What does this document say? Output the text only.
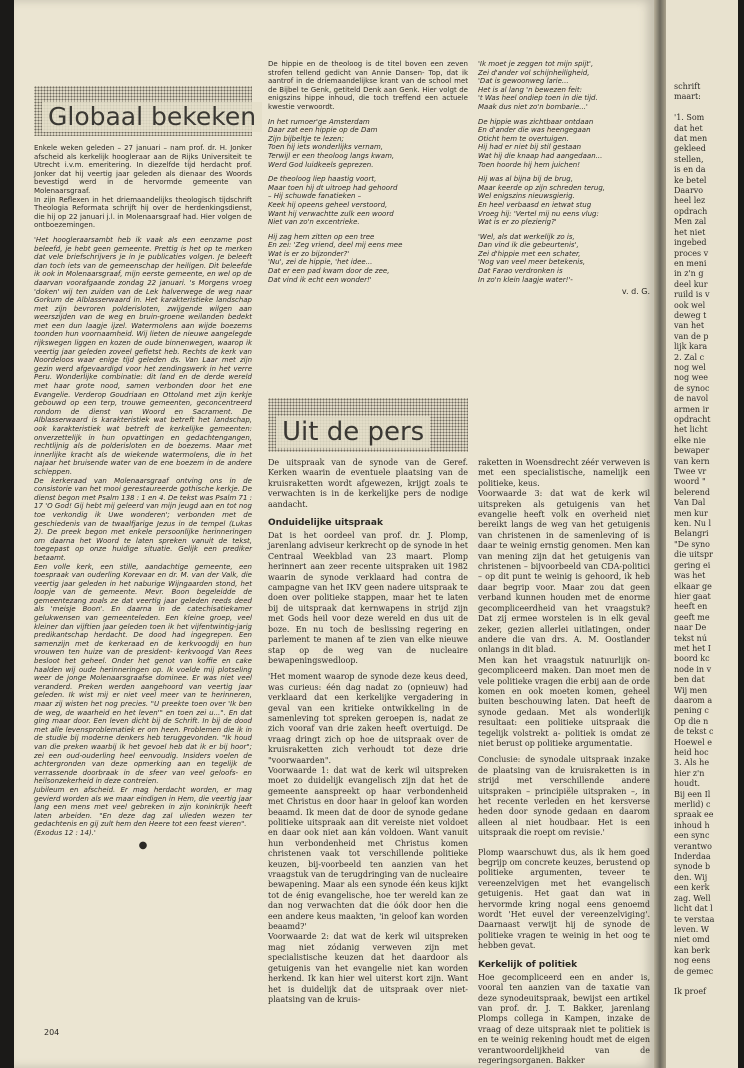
Globaal bekeken

Enkele weken geleden – 27 januari – nam prof. dr. H. Jonker afscheid als kerkelijk hoogleraar aan de Rijks Universiteit te Utrecht i.v.m. emeritering. In diezelfde tijd herdacht prof. Jonker dat hij veertig jaar geleden als dienaar des Woords bevestigd werd in de hervormde gemeente van Molenaarsgraaf.

In zijn Reflexen in het driemaandelijks theologisch tijdschrift Theologia Reformata schrijft hij over de herdenkingsdienst, die hij op 22 januari j.l. in Molenaarsgraaf had. Hier volgen de ontboezemingen.

'Het hoogleraarsambt heb ik vaak als een eenzame post beleefd, je hebt geen gemeente. Prettig is het op te merken dat vele briefschrijvers je in je publicaties volgen. Je beleeft dan toch iets van de gemeenschap der heiligen. Dit beleefde ik ook in Molenaarsgraaf, mijn eerste gemeente, en wel op de daarvan voorafgaande zondag 22 januari. 's Morgens vroeg 'doken' wij ten zuiden van de Lek halverwege de weg naar Gorkum de Alblasserwaard in. Het karakteristieke landschap met zijn bevroren polderisloten, zwijgende wilgen aan weerszijden van de weg en bruin-groene weilanden bedekt met een dun laagje ijzel. Watermolens aan wijde boezems toonden hun voornaamheid. Wij lieten de nieuwe aangelegde rijkswegen liggen en kozen de oude binnenwegen, waarop ik veertig jaar geleden zoveel gefietst heb. Rechts de kerk van Noordeloos waar enige tijd geleden ds. Van Laar met zijn gezin werd afgevaardigd voor het zendingswerk in het verre Peru. Wonderlijke combinatie: dit land en de derde wereld met haar grote nood, samen verbonden door het ene Evangelie. Verderop Goudriaan en Ottoland met zijn kerkje gebouwd op een terp, trouwe gemeenten, geconcentreerd rondom de dienst van Woord en Sacrament. De Alblasserwaard is karakteristiek wat betreft het landschap, ook karakteristiek wat betreft de kerkelijke gemeenten: onverzettelijk in hun opvattingen en gedachtengangen, rechtlijnig als de polderisloten en de boezems. Maar met innerlijke kracht als de wiekende watermolens, die in het najaar het bruisende water van de ene boezem in de andere schieppen.

De kerkeraad van Molenaarsgraaf ontving ons in de consistorie van het mooi gerestaureerde gothische kerkje. De dienst begon met Psalm 138 : 1 en 4. De tekst was Psalm 71 : 17 'O God! Gij hebt mij geleerd van mijn jeugd aan en tot nog toe verkondig ik Uwe wonderen'; verbonden met de geschiedenis van de twaalfjarige Jezus in de tempel (Lukas 2). De preek begon met enkele persoonlijke herinneringen om daarna het Woord te laten spreken vanuit de tekst, toegepast op onze huidige situatie. Gelijk een prediker betaamt.

Een volle kerk, een stille, aandachtige gemeente, een toespraak van ouderling Korevaar en dr. M. van der Valk, die veertig jaar geleden in het naburige Wijngaarden stond, het loopje van de gemeente. Mevr. Boon begeleidde de gemeentezang zoals ze dat veertig jaar geleden reeds deed als 'meisje Boon'. En daarna in de catechisatiekamer gelukwensen van gemeenteleden. Een kleine groep, veel kleiner dan vijftien jaar geleden toen ik het vijfentwintig-jarig predikantschap herdacht. De dood had ingegrepen. Een samenzijn met de kerkeraad en de kerkvoogdij en hun vrouwen ten huize van de president- kerkvoogd Van Rees besloot het geheel. Onder het genot van koffie en cake haalden wij oude herinneringen op. Ik voelde mij plotseling weer de jonge Molenaarsgraafse dominee. Er was niet veel veranderd. Preken werden aangehoord van veertig jaar geleden. Ik wist mij er niet veel meer van te herinneren, maar zij wisten het nog precies. "U preekte toen over 'Ik ben de weg, de waarheid en het leven'" en toen zei u...". En dat ging maar door. Een leven dicht bij de Schrift. In bij de dood met alle levensproblematiek er om heen. Problemen die ik in de studie bij moderne denkers heb teruggevonden. "Ik houd van die preken waarbij ik het gevoel heb dat ik er bij hoor"; zei een oud-ouderling heel eenvoudig. Insiders voelen de achtergronden van deze opmerking aan en tegelijk de verrassende doorbraak in de sfeer van veel geloofs- en heilsonzekerheid in deze contreien.

Jubileum en afscheid. Er mag herdacht worden, er mag gevierd worden als we maar eindigen in Hem, die veertig jaar lang een mens met veel gebreken in zijn koninkrijk heeft laten arbeiden. "En deze dag zal ulieden wezen ter gedachtenis en gij zult hem den Heere tot een feest vieren".

(Exodus 12 : 14).'

●

De hippie en de theoloog is de titel boven een zeven strofen tellend gedicht van Annie Dansen- Top, dat ik aantrof in de driemaandelijkse krant van de school met de Bijbel te Genk, getiteld Denk aan Genk. Hier volgt de enigszins hippe inhoud, die toch treffend een actuele kwestie verwoordt.

In het rumoer'ge Amsterdam
Daar zat een hippie op de Dam
Zijn bijbeltje te lezen;
Toen hij iets wonderlijks vernam,
Terwijl er een theoloog langs kwam,
Werd God luidkeels geprezen.
De theoloog liep haastig voort,
Maar toen hij dt uitroep had gehoord
– Hij schuwde fanatieken –
Keek hij opeens geheel verstoord,
Want hij verwachtte zulk een woord
Niet van zo'n excentrieke.
Hij zag hem zitten op een tree
En zei: 'Zeg vriend, deel mij eens mee
Wat is er zo bijzonder?'
'Nu', zei de hippie, 'het idee...
Dat er een pad kwam door de zee,
Dat vind ik echt een wonder!'
'Ik moet je zeggen tot mijn spijt',
Zei d'ander vol schijnheiligheid,
'Dat is gewoonweg larie...
Het is al lang 'n bewezen feit:
't Was heel ondiep toen in die tijd.
Maak dus niet zo'n bombarie...'
De hippie was zichtbaar ontdaan
En d'ander die was heengegaan
Oticht hem te overtuigen.
Hij had er niet bij stil gestaan
Wat hij die knaap had aangedaan...
Toen hoorde hij hem juichen!
Hij was al bijna bij de brug,
Maar keerde op zijn schreden terug,
Wel enigszins nieuwsgierig.
En heel verbaasd en ietwat stug
Vroeg hij: 'Vertel mij nu eens vlug:
Wat is er zo plezierig?'
'Wel, als dat werkelijk zo is,
Dan vind ik die gebeurtenis',
Zei d'hippie met een schater,
'Nog van veel meer betekenis,
Dat Farao verdronken is
In zo'n klein laagje water!'-
v. d. G.
Uit de pers

De uitspraak van de synode van de Geref. Kerken waarin de eventuele plaatsing van de kruisraketten wordt afgewezen, krijgt zoals te verwachten is in de kerkelijke pers de nodige aandacht.

Onduidelijke uitspraak

Dat is het oordeel van prof. dr. J. Plomp, jarenlang adviseur kerkrecht op de synode in het Centraal Weekblad van 23 maart. Plomp herinnert aan zeer recente uitspraken uit 1982 waarin de synode verklaard had contra de campagne van het IKV geen nadere uitspraak te doen over politieke stappen, maar het te laten bij de uitspraak dat kernwapens in strijd zijn met Gods heil voor deze wereld en dus uit de boze. En nu toch de beslissing regering en parlement te manen af te zien van elke nieuwe stap op de weg van de nucleaire bewapeningswedloop.

'Het moment waarop de synode deze keus deed, was curieus: één dag nadat zo (opnieuw) had verklaard dat een kerkelijke vergadering in geval van een kritieke ontwikkeling in de samenleving tot spreken geroepen is, nadat ze zich vooraf van drie zaken heeft overtuigd. De vraag dringt zich op hoe de uitspraak over de kruisraketten zich verhoudt tot deze drie "voorwaarden".

Voorwaarde 1: dat wat de kerk wil uitspreken moet zo duidelijk evangelisch zijn dat het de gemeente aanspreekt op haar verbondenheid met Christus en door haar in geloof kan worden beaamd. Ik meen dat de door de synode gedane politieke uitspraak aan dit vereiste niet voldoet en daar ook niet aan kán voldoen. Want vanuit hun verbondenheid met Christus komen christenen vaak tot verschillende politieke keuzen, bij-voorbeeld ten aanzien van het vraagstuk van de terugdringing van de nucleaire bewapening. Maar als een synode één keus kijkt tot de énig evangelische, hoe ter wereld kan ze dan nog verwachten dat die óók door hen die een andere keus maakten, 'in geloof kan worden beaamd?'

Voorwaarde 2: dat wat de kerk wil uitspreken mag niet zódanig verweven zijn met specialistische keuzen dat het daardoor als getuigenis van het evangelie niet kan worden herkend. Ik kan hier wel uiterst kort zijn. Want het is duidelijk dat de uitspraak over niet-plaatsing van de kruis-

raketten in Woensdrecht zéér verweven is met een specialistische, namelijk een politieke, keus.

Voorwaarde 3: dat wat de kerk wil uitspreken als getuigenis van het evangelie heeft volk en overheid niet bereikt langs de weg van het getuigenis van christenen in de samenleving of is daar te weinig ernstig genomen. Men kan van mening zijn dat het getuigenis van christenen – bijvoorbeeld van CDA-politici – op dit punt te weinig is gehoord, ik heb daar begrip voor. Maar zou dat geen verband kunnen houden met de enorme gecompliceerdheid van het vraagstuk? Dat zij ermee worstelen is in elk geval zeker, gezien allerlei uitlatingen, onder andere die van drs. A. M. Oostlander onlangs in dit blad.

Men kan het vraagstuk natuurlijk on-gecompliceerd maken. Dan moet men de vele politieke vragen die erbij aan de orde komen en ook moeten komen, geheel buiten beschouwing laten. Dat heeft de synode gedaan. Met als wonderlijk resultaat: een politieke uitspraak die tegelijk volstrekt a- politiek is omdat ze niet berust op politieke argumentatie.

Conclusie: de synodale uitspraak inzake de plaatsing van de kruisraketten is in strijd met verschillende andere uitspraken – principiële uitspraken –, in het recente verleden en het kersverse heden door synode gedaan en daarom alleen al niet houdbaar. Het is een uitspraak die roept om revisie.'

Plomp waarschuwt dus, als ik hem goed begrijp om concrete keuzes, berustend op politieke argumenten, teveer te vereenzelvigen met het evangelisch getuigenis. Het gaat dan wat in hervormde kring nogal eens genoemd wordt 'Het euvel der vereenzelviging'. Daarnaast verwijt hij de synode de politieke vragen te weinig in het oog te hebben gevat.

Kerkelijk of politiek

Hoe gecompliceerd een en ander is, vooral ten aanzien van de taxatie van deze synodeuitspraak, bewijst een artikel van prof. dr. J. T. Bakker, jarenlang Plomps collega in Kampen, inzake de vraag of deze uitspraak niet te politiek is en te weinig rekening houdt met de eigen verantwoordelijkheid van de regeringsorganen. Bakker

204
schrift
maart:

'1. Som
dat het
dat men
gekleed
stellen,
is en da
ke betel
Daarvo
heel lez
opdrach
Men zal
het niet
ingebed
proces v
en meni
in z'n g
deel kur
ruild is v
ook wel
deweg t
van het
van de p
lijk kara
2. Zal c
nog wel
nog wee
de synoc
de navol
armen ir
opdracht
het licht
elke nie
bewaper
van kern
Twee vr
woord "
belerend
Van Dal
men kur
ken. Nu l
Belangri
"De syno
die uitspr
gering ei
was het
elkaar ge
hier gaat
heeft en
geeft me
naar De
tekst nú
met het I
boord kc
node in v
ben dat
Wij men
daarom a
pening c
Op die n
de tekst c
Hoewel e
heid hoc
3. Als he
hier z'n
houdt.
Bij een Il
merlid) c
spraak ee
inhoud h
een sync
verantwo
Inderdaa
synode b
den. Wij
een kerk
zag. Well
licht dat l
te verstaa
leven. W
niet omd
kan berk
nog eens
de gemec

Ik proef
